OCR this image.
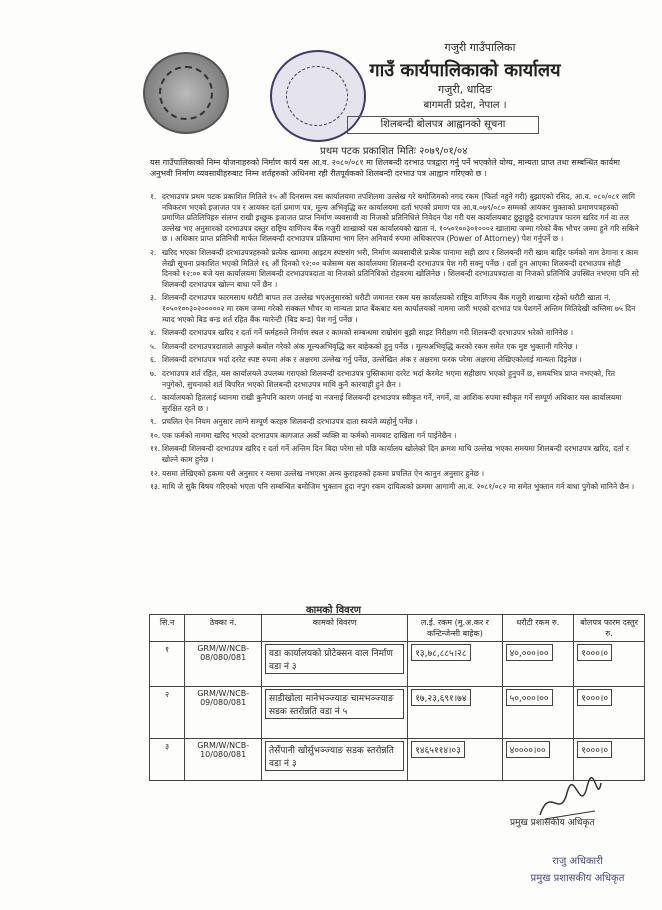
गजुरी गाउँपालिका
गाउँ कार्यपालिकाको कार्यालय
गजुरी, धादिङ
बागमती प्रदेश, नेपाल ।
शिलबन्दी बोलपत्र आह्वानको सूचना
प्रथम पटक प्रकाशित मितिः २०७९/०१/०४
यस गाउँपालिकाको निम्न योजनाहरुको निर्माण कार्य यस आ.व. २०८०/०८१ मा शिलबन्दी दरभाउ पत्रद्वारा गर्नु पर्ने भएकोले योग्य, मान्यता प्राप्त तथा सम्बन्धित कार्यमा अनुभवी निर्माण व्यवसायीहरुबाट निम्न शर्तहरुको अधिनमा रही रीतपूर्वकको शिलबन्दी दरभाउ पत्र आह्वान गरिएको छ ।
१. दरभाउपत्र प्रथम पटक प्रकाशित मितिले १५ औं दिनसम्म यस कार्यालयमा तपशिलमा उल्लेख गरे बमोजिमको नगद रकम (फिर्ता नहुने गरी) बुझाएको रसिद, आ.व. ०८०/०८१ लागि नविकरण भएको इजाजत पत्र र आयकर दर्ता प्रमाण पत्र, मूल्य अभिवृद्धि कर कार्यालयमा दर्ता भएको प्रमाण पत्र आ.व.०७९/०८० सम्मको आयकर चुक्ताको प्रमाणपत्रहरुको प्रमाणित प्रतिलिपिहरु संलग्न राखी इच्छुक इजाजत प्राप्त निर्माण व्यवसायी वा निजको प्रतिनिधिले निवेदन पेश गरी यस कार्यालयबाट छुट्टाछुट्टै दरभाउपत्र फारम खरिद गर्न वा तल उल्लेख भए अनुसारको दरभाउपत्र दस्तुर राष्ट्रिय वाणिज्य बैंक गजुरी शाखाको यस कार्यालयको खाता नं. १०५०१००३०१०००२ खातामा जम्मा गरेको बैंक भौचर जम्मा हुने गरि सकिने छ । अधिकार प्राप्त प्रतिनिधी मार्फत शिलबन्दी दरभाउपत्र प्रक्रियामा भाग लिन अनिवार्य रुपमा अधिकारपत्र (Power of Attorney) पेश गर्नुपर्ने छ ।
२. खरिद भएका शिलबन्दी दरभाउपत्रहरुको प्रत्येक खाममा आइटम स्पष्टसंग भरी, निर्माण व्यवसायीले प्रत्येक पानामा सही छाप र शिलबन्दी गरी खाम बाहिर फर्मको नाम ठेगाना र काम लेखी सूचना प्रकाशित भएको मितिले १६ औं दिनको १२:०० बजेसम्म यस कार्यालयमा शिलबन्दी दरभाउपत्र पेश गरी सक्नु पर्नेछ । दर्ता हुन आएका शिलबन्दी दरभाउपत्र सोही दिनको १२:०० बजे यस कार्यालयमा शिलबन्दी दरभाउपत्रदाता वा निजको प्रतिनिधिको रोहवरमा खोलिनेछ । शिलबन्दी दरभाउपत्रदाता वा निजको प्रतिनिधि उपस्थित नभएमा पनि सो शिलबन्दी दरभाउपत्र खोल्न बाधा पर्ने छैन ।
३. शिलबन्दी दरभाउपत्र फारमसाथ धरौटी बापत तल उल्लेख भएअनुसारको धरौटी जमानत रकम यस कार्यालयको राष्ट्रिय वाणिज्य बैंक गजुरी शाखामा रहेको धरौटी खाता नं. १०५०१००३०२०००००२ मा रकम जम्मा गरेको सक्कल भौचर वा मान्यता प्राप्त बैंकबाट यस कार्यालयको नाममा जारी भएको दरभाउ पत्र पेशगर्ने अन्तिम मितिदेखी कम्तिमा ७५ दिन म्याद भएको बिड बन्ड शर्त रहित बैंक ग्यारेन्टी (बिड बन्ड) पेश गर्नु पर्नेछ ।
४. शिलबन्दी दरभाउपत्र खरिद र दर्ता गर्ने फर्महरुले निर्माण स्थल र कामको सम्बन्धमा राम्रोसंग बुझी साइट निरीक्षण गरी शिलबन्दी दरभाउपत्र भरेको मानिनेछ ।
५. शिलबन्दी दरभाउपत्रदाताले आफुले कबोल गरेको अंक मूल्यअभिवृद्धि कर बाहेकको हुनु पर्नेछ । मूल्यअभिवृद्धि करको रकम समेत एक मुष्ट भुक्तानी गरिनेछ ।
६. शिलबन्दी दरभाउपत्र भर्दा दररेट स्पष्ट रुपमा अंक र अक्षरमा उल्लेख गर्नु पर्नेछ, उल्लेखित अंक र अक्षरमा फरक परेमा अक्षरमा लेखिएकोलाई मान्यता दिइनेछ ।
७. दरभाउपत्र शर्त रहित, यस कार्यालयले उपलब्ध गराएको शिलबन्दी दरभाउपत्र पुस्तिकामा दररेट भर्दा केरमेट भएमा सहीछाप भएको हुनुपर्ने छ, समयभित्र प्राप्त नभएको, रित नपुगेको, सुचनाको शर्त बिपरित भएको शिलबन्दी दरभाउपत्र माथि कुनै कारवाही हुने छैन ।
८. कार्यालयको हितलाई ध्यानमा राखी कुनैपनि कारण जनाई वा नजनाई शिलबन्दी दरभाउपत्र स्वीकृत गर्ने, नगर्ने, वा आंशिक रुपमा स्वीकृत गर्ने सम्पूर्ण अधिकार यस कार्यालयमा सुरक्षित रहने छ ।
९. प्रचलित ऐन नियम अनुसार लाग्ने सम्पूर्ण करहरु शिलबन्दी दरभाउपत्र दाता स्वयंले व्यहोर्नु पर्नेछ ।
१०. एक फर्मको नाममा खरिद भएको दरभाउपत्र कागजात अर्को व्यक्ति वा फर्मको नामबाट दाखिला गर्न पाईनेछैन ।
११. शिलबन्दी शिलबन्दी दरभाउपत्र खरिद र दर्ता गर्ने अन्तिम दिन बिदा परेमा सो पछि कार्यालय खोलेको दिन क्रमश माथि उल्लेख भएका समयमा शिलबन्दी दरभाउपत्र खरिद, दर्ता र खोल्ने काम हुनेछ ।
१२. यसमा लेखिएको हकमा यसै अनुसार र यसमा उल्लेख नभएका अन्य कुराहरुको हकमा प्रचलित ऐन कानुन अनुसार हुनेछ ।
१३. माथि जे सुकै बिषय गरिएको भएता पनि सम्बन्धित बमोजिम भुक्तान हुदा नपुग रकम दायित्वको क्रममा आगामी आ.व. २०८१/०८२ मा समेत भुक्तान गर्न बाधा पुगेको मानिने छैन ।
कामको विवरण
सि.न	ठेक्का नं.	कामको विवरण	ल.ई. रकम (मु.अ.कर र कन्टिन्जेन्सी बाहेक)	धरौटी रकम रु.	बोलपत्र फारम दस्तुर रु.
१	GRM/W/NCB-08/080/081	वडा कार्यालयको प्रोटेक्सन वाल निर्माण वडा नं ३	१३,७८,८८५।२८	४०,०००।००	१०००।०
२	GRM/W/NCB-09/080/081	साडीखोला मानेभञ्ज्याङ चामभञ्ज्याङ सडक स्तरोन्नति वडा नं ५	१७,२३,६९१।७४	५०,०००।००	१०००।०
३	GRM/W/NCB-10/080/081	तेर्सेपानी खोर्सुभञ्ज्याङ सडक स्तरोन्नति वडा नं ३	१४६५११४।०३	४००००।००	१०००।०
प्रमुख प्रशासकीय अधिकृत
राजु अधिकारी
प्रमुख प्रशासकीय अधिकृत
